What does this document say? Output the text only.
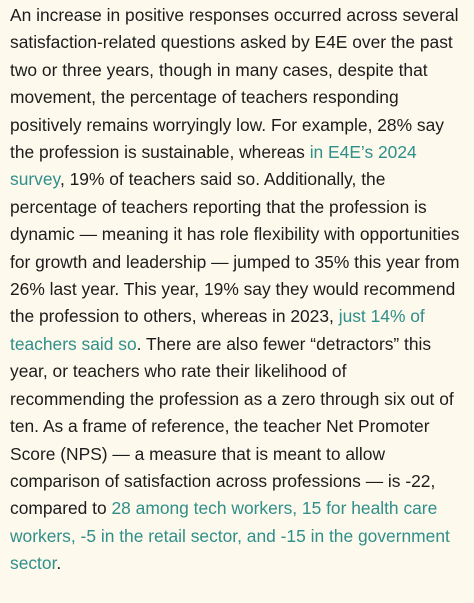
An increase in positive responses occurred across several satisfaction-related questions asked by E4E over the past two or three years, though in many cases, despite that movement, the percentage of teachers responding positively remains worryingly low. For example, 28% say the profession is sustainable, whereas in E4E’s 2024 survey, 19% of teachers said so. Additionally, the percentage of teachers reporting that the profession is dynamic — meaning it has role flexibility with opportunities for growth and leadership — jumped to 35% this year from 26% last year. This year, 19% say they would recommend the profession to others, whereas in 2023, just 14% of teachers said so. There are also fewer “detractors” this year, or teachers who rate their likelihood of recommending the profession as a zero through six out of ten. As a frame of reference, the teacher Net Promoter Score (NPS) — a measure that is meant to allow comparison of satisfaction across professions — is -22, compared to 28 among tech workers, 15 for health care workers, -5 in the retail sector, and -15 in the government sector.
